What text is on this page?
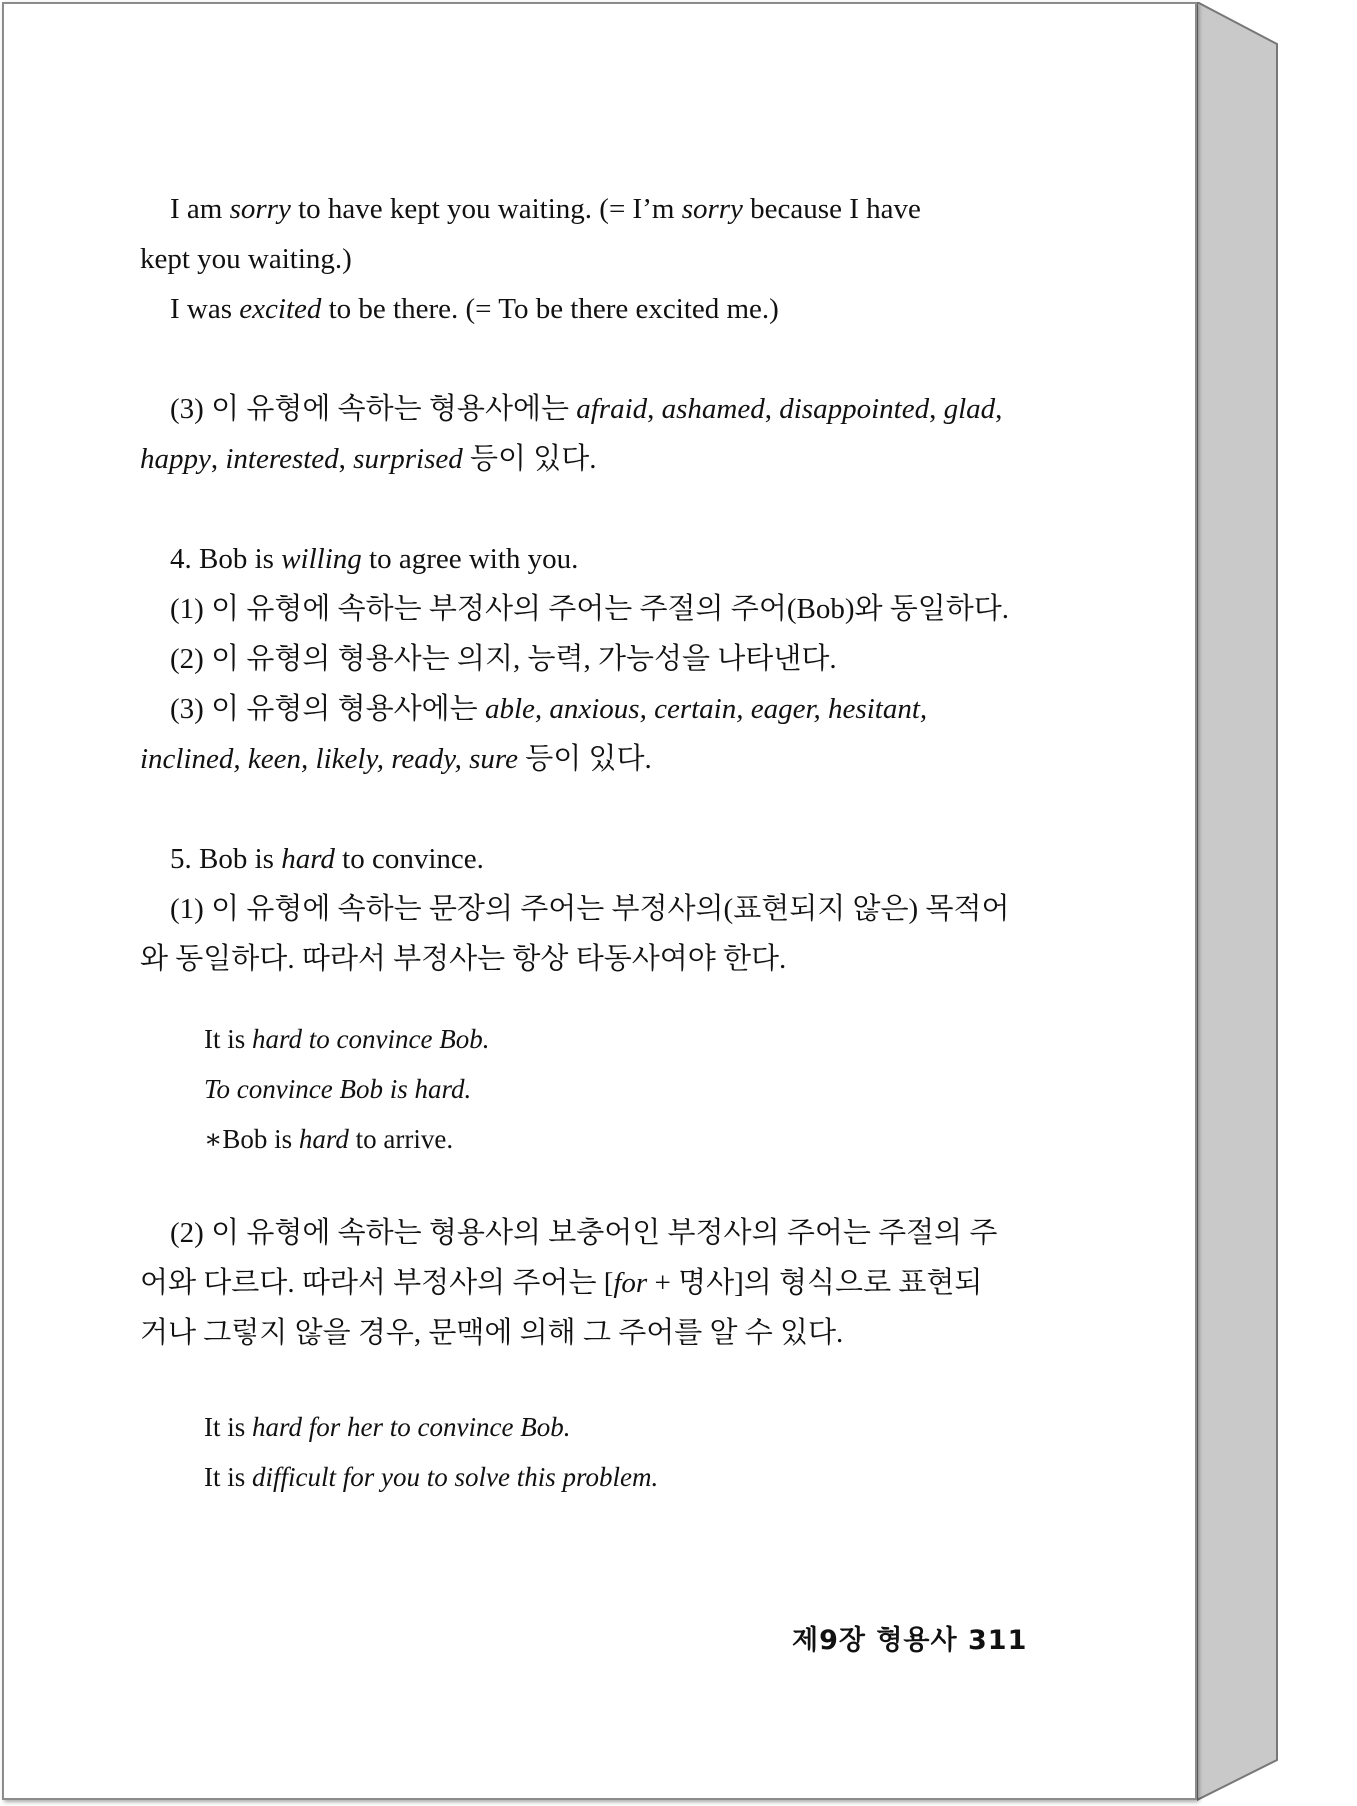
I am sorry to have kept you waiting. (= I’m sorry because I have

kept you waiting.)

I was excited to be there. (= To be there excited me.)

(3) 이 유형에 속하는 형용사에는 afraid, ashamed, disappointed, glad,

happy, interested, surprised 등이 있다.

4. Bob is willing to agree with you.

(1) 이 유형에 속하는 부정사의 주어는 주절의 주어(Bob)와 동일하다.

(2) 이 유형의 형용사는 의지, 능력, 가능성을 나타낸다.

(3) 이 유형의 형용사에는 able, anxious, certain, eager, hesitant,

inclined, keen, likely, ready, sure 등이 있다.

5. Bob is hard to convince.

(1) 이 유형에 속하는 문장의 주어는 부정사의(표현되지 않은) 목적어

와 동일하다. 따라서 부정사는 항상 타동사여야 한다.

It is hard to convince Bob.

To convince Bob is hard.

∗Bob is hard to arrive.

(2) 이 유형에 속하는 형용사의 보충어인 부정사의 주어는 주절의 주

어와 다르다. 따라서 부정사의 주어는 [for + 명사]의 형식으로 표현되

거나 그렇지 않을 경우, 문맥에 의해 그 주어를 알 수 있다.

It is hard for her to convince Bob.

It is difficult for you to solve this problem.

제9장 형용사 311
